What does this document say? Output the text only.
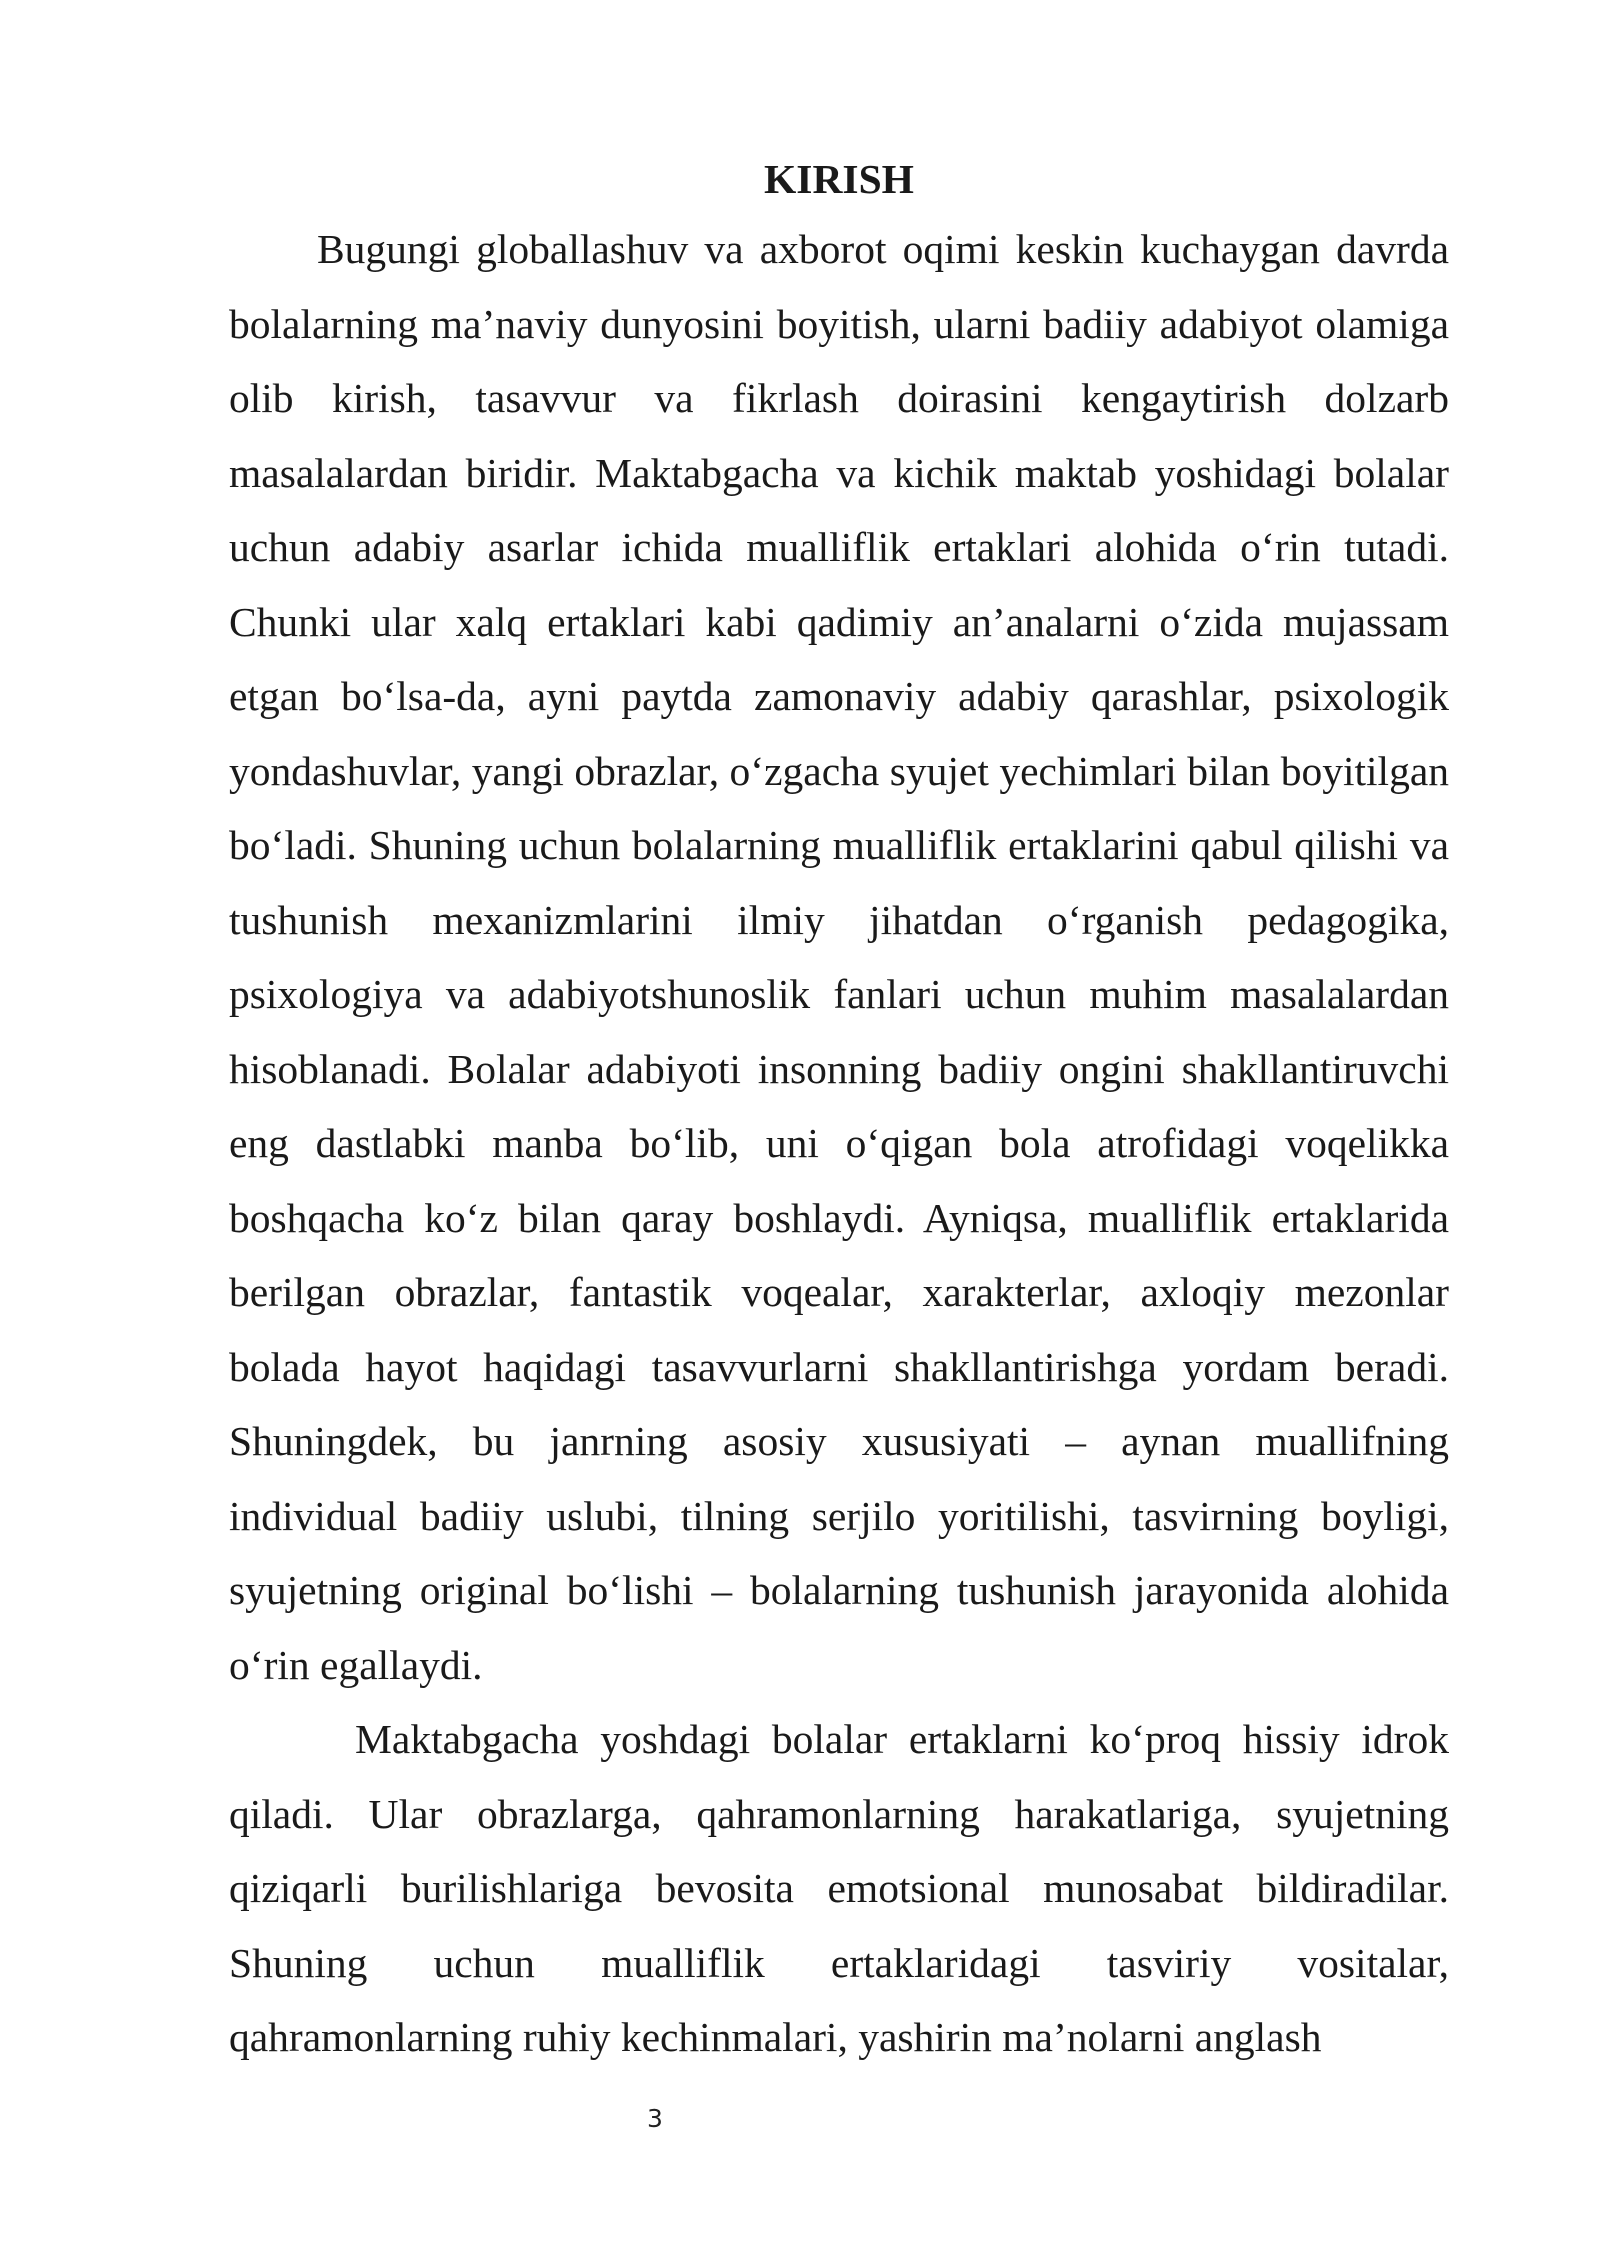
KIRISH

Bugungi globallashuv va axborot oqimi keskin kuchaygan davrda bolalarning ma’naviy dunyosini boyitish, ularni badiiy adabiyot olamiga olib kirish, tasavvur va fikrlash doirasini kengaytirish dolzarb masalalardan biridir. Maktabgacha va kichik maktab yoshidagi bolalar uchun adabiy asarlar ichida mualliflik ertaklari alohida o‘rin tutadi. Chunki ular xalq ertaklari kabi qadimiy an’analarni o‘zida mujassam etgan bo‘lsa-da, ayni paytda zamonaviy adabiy qarashlar, psixologik yondashuvlar, yangi obrazlar, o‘zgacha syujet yechimlari bilan boyitilgan bo‘ladi. Shuning uchun bolalarning mualliflik ertaklarini qabul qilishi va tushunish mexanizmlarini ilmiy jihatdan o‘rganish pedagogika, psixologiya va adabiyotshunoslik fanlari uchun muhim masalalardan hisoblanadi. Bolalar adabiyoti insonning badiiy ongini shakllantiruvchi eng dastlabki manba bo‘lib, uni o‘qigan bola atrofidagi voqelikka boshqacha ko‘z bilan qaray boshlaydi. Ayniqsa, mualliflik ertaklarida berilgan obrazlar, fantastik voqealar, xarakterlar, axloqiy mezonlar bolada hayot haqidagi tasavvurlarni shakllantirishga yordam beradi. Shuningdek, bu janrning asosiy xususiyati – aynan muallifning individual badiiy uslubi, tilning serjilo yoritilishi, tasvirning boyligi, syujetning original bo‘lishi – bolalarning tushunish jarayonida alohida o‘rin egallaydi.

Maktabgacha yoshdagi bolalar ertaklarni ko‘proq hissiy idrok qiladi. Ular obrazlarga, qahramonlarning harakatlariga, syujetning qiziqarli burilishlariga bevosita emotsional munosabat bildiradilar. Shuning uchun mualliflik ertaklaridagi tasviriy vositalar, qahramonlarning ruhiy kechinmalari, yashirin ma’nolarni anglash

3
